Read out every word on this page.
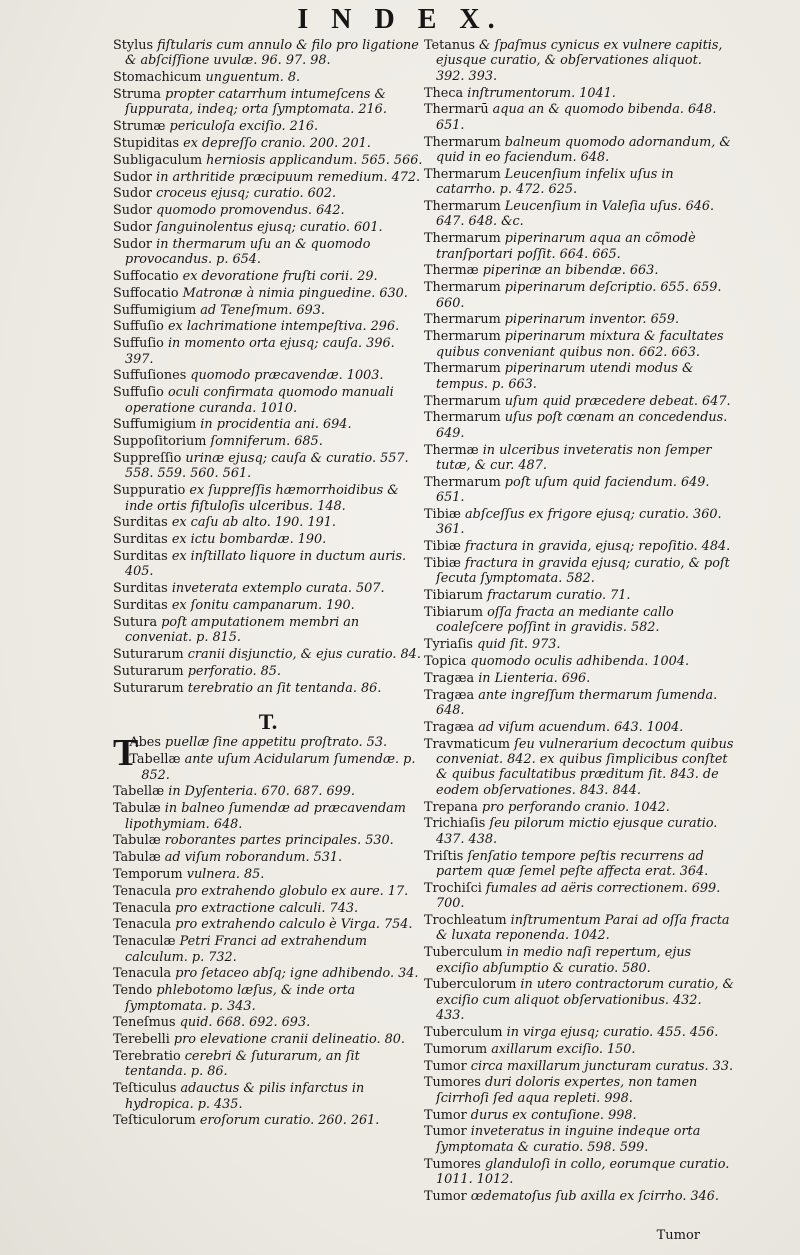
I N D E X.
Stylus fiſtularis cum annulo & filo pro ligatione & abſciſſione uvulæ. 96. 97. 98.
Stomachicum unguentum. 8.
Struma propter catarrhum intumeſcens & ſuppurata, indeq; orta ſymptomata. 216.
Strumæ periculoſa exciſio. 216.
Stupiditas ex depreſſo cranio. 200. 201.
Subligaculum herniosis applicandum. 565. 566.
Sudor in arthritide præcipuum remedium. 472.
Sudor croceus ejusq; curatio. 602.
Sudor quomodo promovendus. 642.
Sudor ſanguinolentus ejusq; curatio. 601.
Sudor in thermarum uſu an & quomodo provocandus. p. 654.
Suffocatio ex devoratione fruſti corii. 29.
Suffocatio Matronæ à nimia pinguedine. 630.
Suffumigium ad Teneſmum. 693.
Suffuſio ex lachrimatione intempeſtiva. 296.
Suffuſio in momento orta ejusq; cauſa. 396. 397.
Suffuſiones quomodo præcavendæ. 1003.
Suffuſio oculi confirmata quomodo manuali operatione curanda. 1010.
Suffumigium in procidentia ani. 694.
Suppoſitorium ſomniferum. 685.
Suppreſſio urinæ ejusq; cauſa & curatio. 557. 558. 559. 560. 561.
Suppuratio ex ſuppreſſis hæmorrhoidibus & inde ortis fiſtuloſis ulceribus. 148.
Surditas ex caſu ab alto. 190. 191.
Surditas ex ictu bombardæ. 190.
Surditas ex inſtillato liquore in ductum auris. 405.
Surditas inveterata extemplo curata. 507.
Surditas ex ſonitu campanarum. 190.
Sutura poſt amputationem membri an conveniat. p. 815.
Suturarum cranii disjunctio, & ejus curatio. 84.
Suturarum perforatio. 85.
Suturarum terebratio an ſit tentanda. 86.
T.
T
Abes puellæ ſine appetitu proſtrato. 53.
Tabellæ ante uſum Acidularum ſumendæ. p. 852.
Tabellæ in Dyſenteria. 670. 687. 699.
Tabulæ in balneo ſumendæ ad præcavendam lipothymiam. 648.
Tabulæ roborantes partes principales. 530.
Tabulæ ad viſum roborandum. 531.
Temporum vulnera. 85.
Tenacula pro extrahendo globulo ex aure. 17.
Tenacula pro extractione calculi. 743.
Tenacula pro extrahendo calculo è Virga. 754.
Tenaculæ Petri Franci ad extrahendum calculum. p. 732.
Tenacula pro ſetaceo abſq; igne adhibendo. 34.
Tendo phlebotomo læſus, & inde orta ſymptomata. p. 343.
Teneſmus quid. 668. 692. 693.
Terebelli pro elevatione cranii delineatio. 80.
Terebratio cerebri & ſuturarum, an ſit tentanda. p. 86.
Teſticulus adauctus & pilis infarctus in hydropica. p. 435.
Teſticulorum eroſorum curatio. 260. 261.
Tetanus & ſpaſmus cynicus ex vulnere capitis, ejusque curatio, & obſervationes aliquot. 392. 393.
Theca inſtrumentorum. 1041.
Thermarū aqua an & quomodo bibenda. 648. 651.
Thermarum balneum quomodo adornandum, & quid in eo faciendum. 648.
Thermarum Leucenſium infelix uſus in catarrho. p. 472. 625.
Thermarum Leucenſium in Valeſia uſus. 646. 647. 648. &c.
Thermarum piperinarum aqua an cõmodè tranſportari poſſit. 664. 665.
Thermæ piperinæ an bibendæ. 663.
Thermarum piperinarum deſcriptio. 655. 659. 660.
Thermarum piperinarum inventor. 659.
Thermarum piperinarum mixtura & facultates quibus conveniant quibus non. 662. 663.
Thermarum piperinarum utendi modus & tempus. p. 663.
Thermarum uſum quid præcedere debeat. 647.
Thermarum uſus poſt cœnam an concedendus. 649.
Thermæ in ulceribus inveteratis non ſemper tutæ, & cur. 487.
Thermarum poſt uſum quid faciendum. 649. 651.
Tibiæ abſceſſus ex frigore ejusq; curatio. 360. 361.
Tibiæ fractura in gravida, ejusq; repoſitio. 484.
Tibiæ fractura in gravida ejusq; curatio, & poſt ſecuta ſymptomata. 582.
Tibiarum fractarum curatio. 71.
Tibiarum oſſa fracta an mediante callo coaleſcere poſſint in gravidis. 582.
Tyriaſis quid ſit. 973.
Topica quomodo oculis adhibenda. 1004.
Tragæa in Lienteria. 696.
Tragæa ante ingreſſum thermarum ſumenda. 648.
Tragæa ad viſum acuendum. 643. 1004.
Travmaticum ſeu vulnerarium decoctum quibus conveniat. 842. ex quibus ſimplicibus conſtet & quibus facultatibus præditum ſit. 843. de eodem obſervationes. 843. 844.
Trepana pro perforando cranio. 1042.
Trichiaſis ſeu pilorum mictio ejusque curatio. 437. 438.
Triſtis ſenſatio tempore peſtis recurrens ad partem quæ ſemel peſte affecta erat. 364.
Trochiſci fumales ad aëris correctionem. 699. 700.
Trochleatum inſtrumentum Parai ad oſſa fracta & luxata reponenda. 1042.
Tuberculum in medio naſi repertum, ejus exciſio abſumptio & curatio. 580.
Tuberculorum in utero contractorum curatio, & exciſio cum aliquot obſervationibus. 432. 433.
Tuberculum in virga ejusq; curatio. 455. 456.
Tumorum axillarum exciſio. 150.
Tumor circa maxillarum juncturam curatus. 33.
Tumores duri doloris expertes, non tamen ſcirrhoſi ſed aqua repleti. 998.
Tumor durus ex contuſione. 998.
Tumor inveteratus in inguine indeque orta ſymptomata & curatio. 598. 599.
Tumores glanduloſi in collo, eorumque curatio. 1011. 1012.
Tumor œdematoſus ſub axilla ex ſcirrho. 346.
Tumor
